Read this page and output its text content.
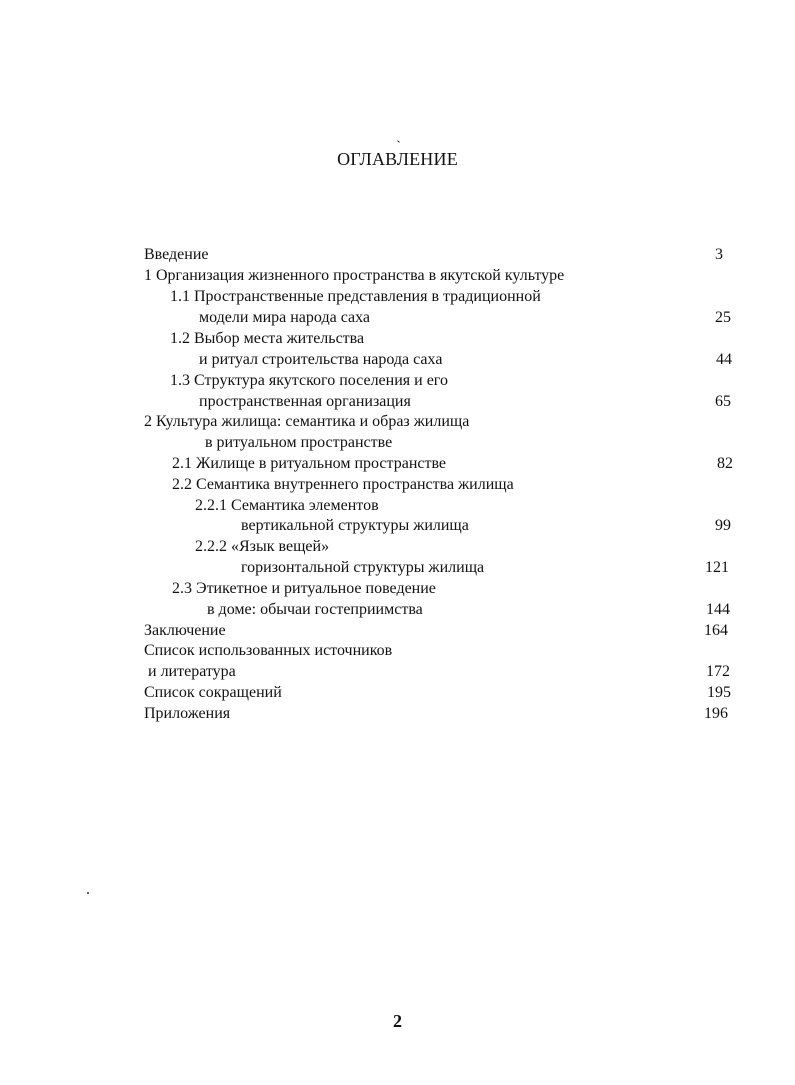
ОГЛАВЛЕНИЕ
Введение	3
1 Организация жизненного пространства в якутской культуре
1.1 Пространственные представления в традиционной
модели мира народа саха	25
1.2 Выбор места жительства
и ритуал строительства народа саха	44
1.3 Структура якутского поселения и его
пространственная организация	65
2 Культура жилища: семантика и образ жилища
в ритуальном пространстве
2.1 Жилище в ритуальном пространстве	82
2.2 Семантика внутреннего пространства жилища
2.2.1 Семантика элементов
вертикальной структуры жилища	99
2.2.2 «Язык вещей»
горизонтальной структуры жилища	121
2.3 Этикетное и ритуальное поведение
в доме: обычаи гостеприимства	144
Заключение	164
Список использованных источников
и литература	172
Список сокращений	195
Приложения	196
2
